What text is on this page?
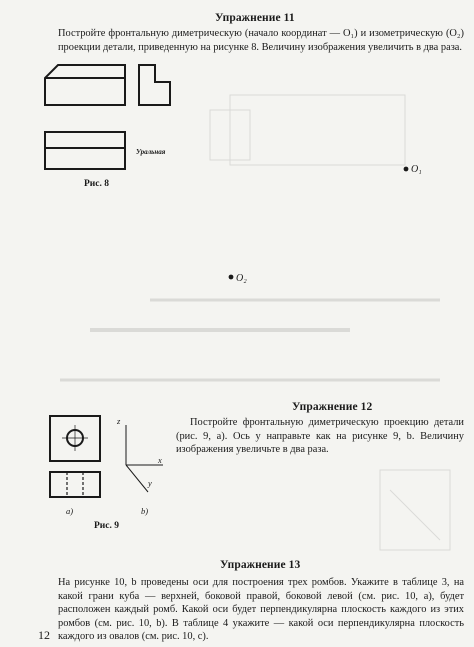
Упражнение 11
Постройте фронтальную диметрическую (начало координат — O₁) и изометрическую (O₂) проекции детали, приведенную на рисунке 8. Величину изображения увеличить в два раза.
Уральная
Рис. 8
O₁
O₂
Упражнение 12
Постройте фронтальную диметрическую проекцию детали (рис. 9, a). Ось y направьте как на рисунке 9, b. Величину изображения увеличьте в два раза.
а)
z
x
y
b)
Рис. 9
Упражнение 13
На рисунке 10, b проведены оси для построения трех ромбов. Укажите в таблице 3, на какой грани куба — верхней, боковой правой, боковой левой (см. рис. 10, a), будет расположен каждый ромб. Какой оси будет перпендикулярна плоскость каждого из этих ромбов (см. рис. 10, b). В таблице 4 укажите — какой оси перпендикулярна плоскость каждого из овалов (см. рис. 10, c).
12
